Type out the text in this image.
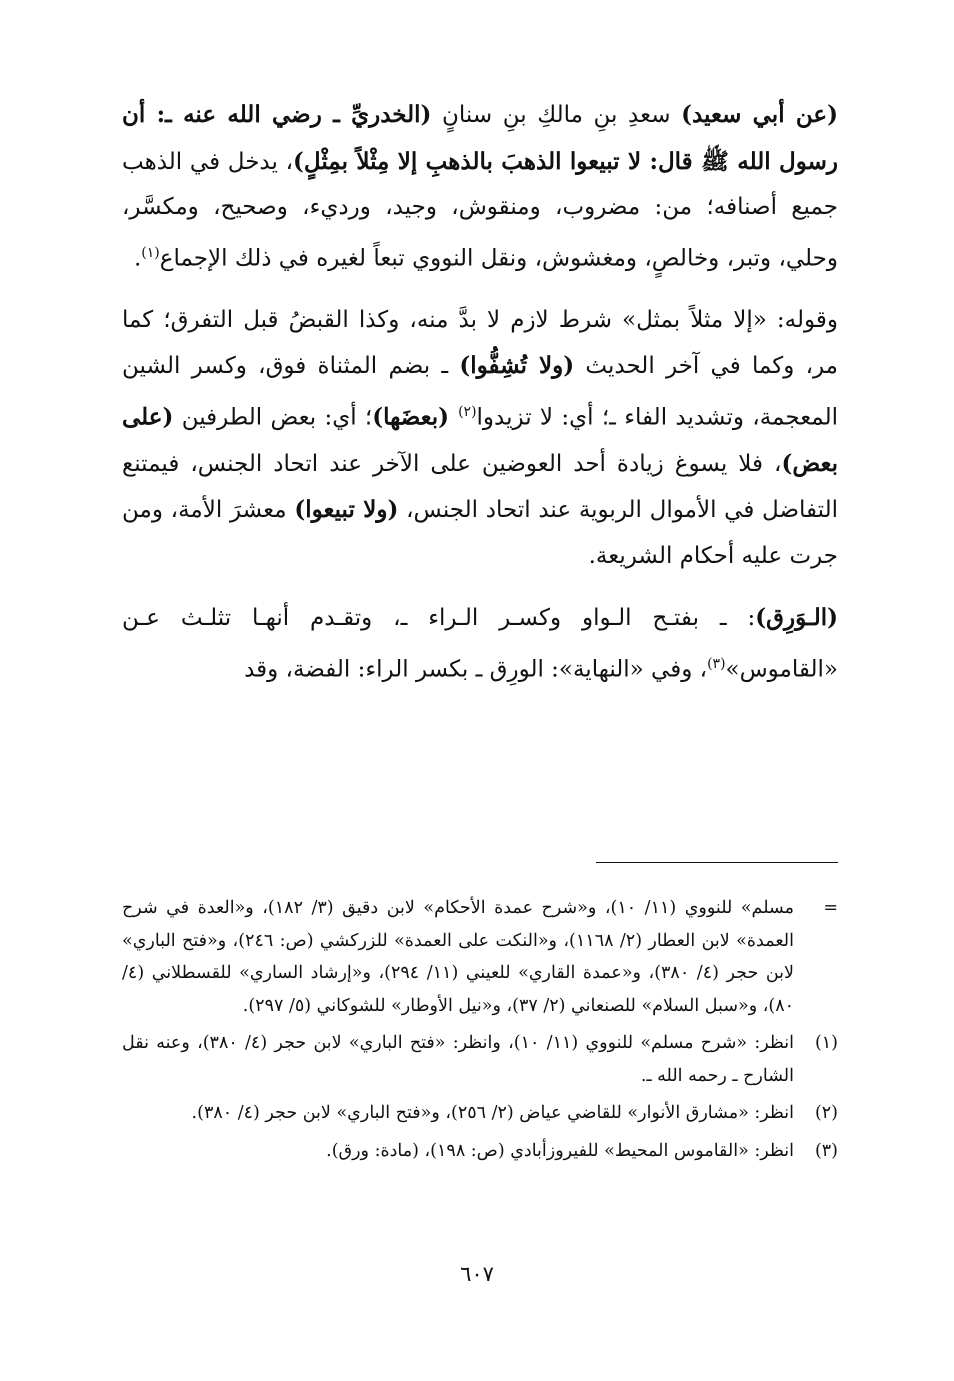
(عن أبي سعيد) سعدِ بنِ مالكِ بنِ سنانٍ (الخدريِّ ـ رضي الله عنه ـ: أن رسول الله ﷺ قال: لا تبيعوا الذهبَ بالذهبِ إلا مِثْلاً بمِثْلٍ)، يدخل في الذهب جميع أصنافه؛ من: مضروب، ومنقوش، وجيد، ورديء، وصحيح، ومكسَّر، وحلي، وتبر، وخالصٍ، ومغشوش، ونقل النووي تبعاً لغيره في ذلك الإجماع$^{(١)}$.

وقوله: «إلا مثلاً بمثل» شرط لازم لا بدَّ منه، وكذا القبضُ قبل التفرق؛ كما مر، وكما في آخر الحديث (ولا تُشِفُّوا) ـ بضم المثناة فوق، وكسر الشين المعجمة، وتشديد الفاء ـ؛ أي: لا تزيدوا$^{(٢)}$ (بعضَها)؛ أي: بعض الطرفين (على بعض)، فلا يسوغ زيادة أحد العوضين على الآخر عند اتحاد الجنس، فيمتنع التفاضل في الأموال الربوية عند اتحاد الجنس، (ولا تبيعوا) معشرَ الأمة، ومن جرت عليه أحكام الشريعة.

(الـوَرِق): ـ بفتـح الـواو وكسـر الـراء ـ، وتقـدم أنهـا تثلـث عـن «القاموس»$^{(٣)}$، وفي «النهاية»: الورِق ـ بكسر الراء: الفضة، وقد

=
مسلم» للنووي (١١/ ١٠)، و«شرح عمدة الأحكام» لابن دقيق (٣/ ١٨٢)، و«العدة في شرح العمدة» لابن العطار (٢/ ١١٦٨)، و«النكت على العمدة» للزركشي (ص: ٢٤٦)، و«فتح الباري» لابن حجر (٤/ ٣٨٠)، و«عمدة القاري» للعيني (١١/ ٢٩٤)، و«إرشاد الساري» للقسطلاني (٤/ ٨٠)، و«سبل السلام» للصنعاني (٢/ ٣٧)، و«نيل الأوطار» للشوكاني (٥/ ٢٩٧).
(١)
انظر: «شرح مسلم» للنووي (١١/ ١٠)، وانظر: «فتح الباري» لابن حجر (٤/ ٣٨٠)، وعنه نقل الشارح ـ رحمه الله ـ.
(٢)
انظر: «مشارق الأنوار» للقاضي عياض (٢/ ٢٥٦)، و«فتح الباري» لابن حجر (٤/ ٣٨٠).
(٣)
انظر: «القاموس المحيط» للفيروزأبادي (ص: ١٩٨)، (مادة: ورق).
٦٠٧
